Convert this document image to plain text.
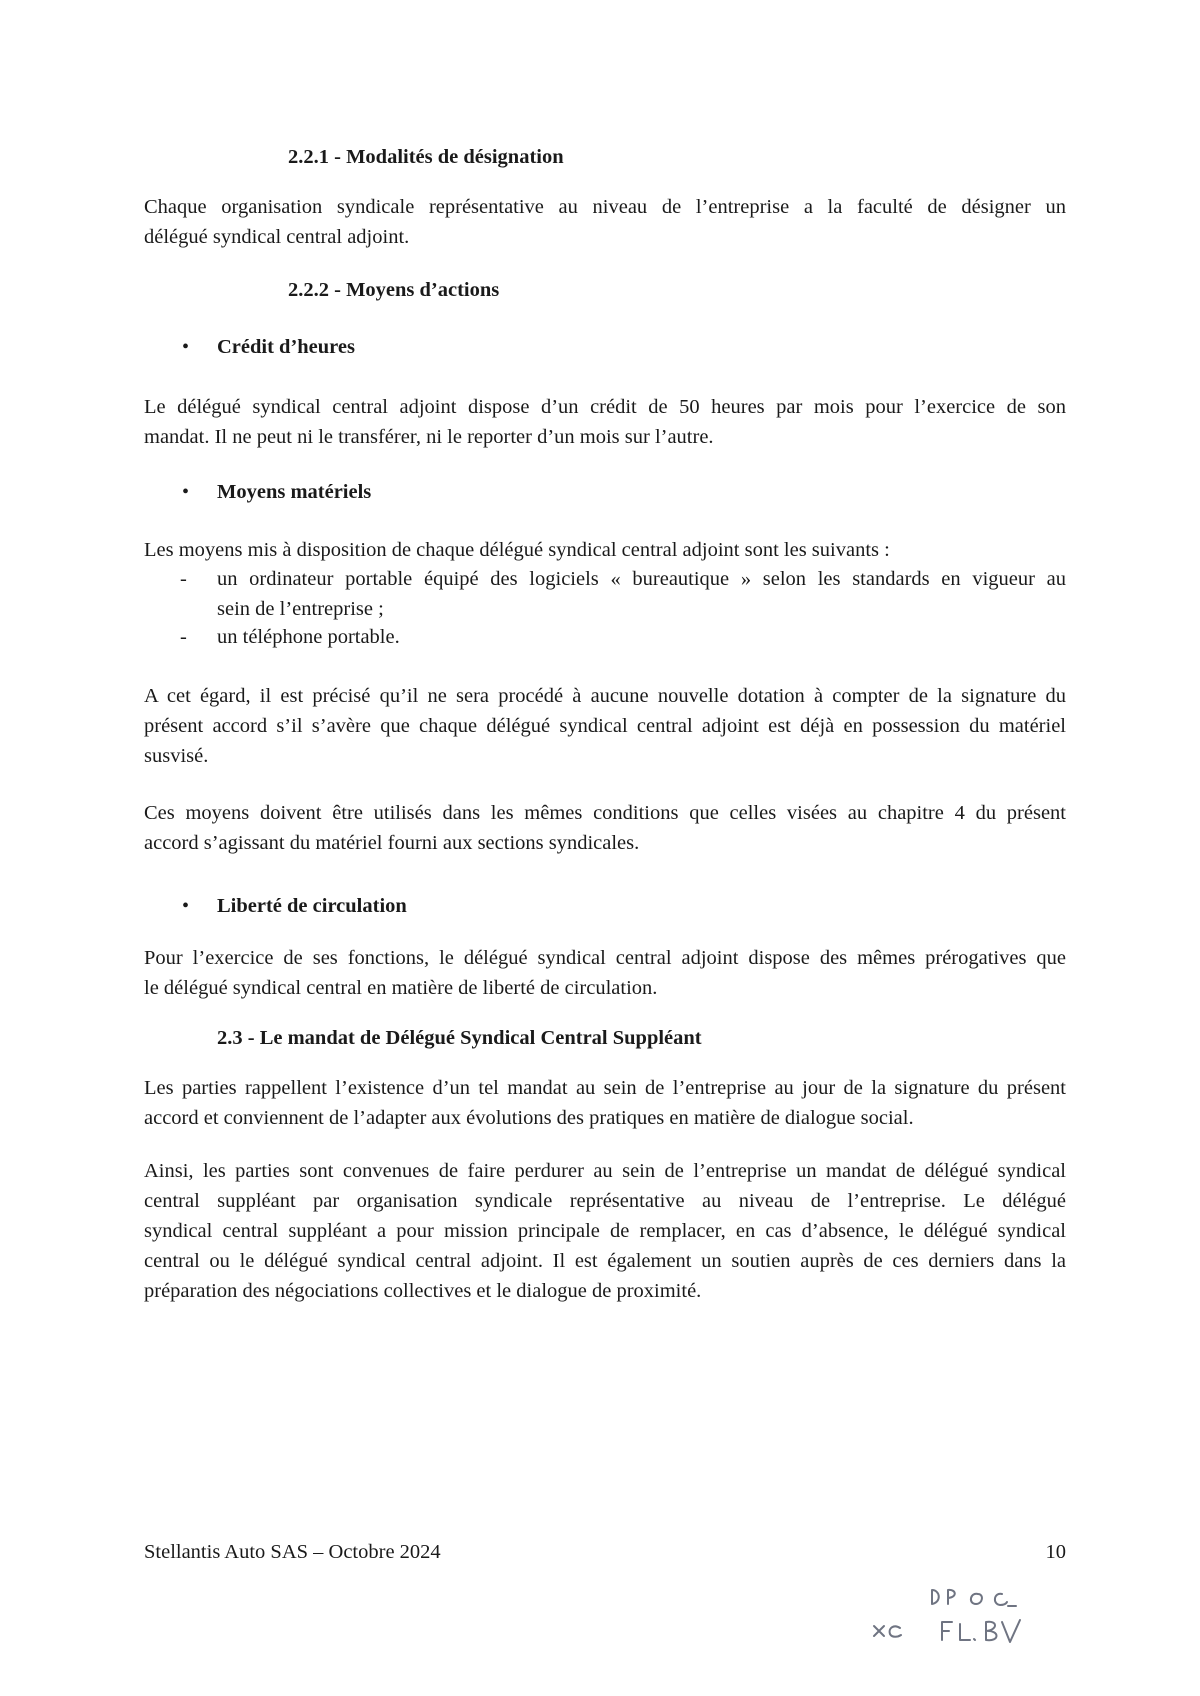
2.2.1 - Modalités de désignation
Chaque organisation syndicale représentative au niveau de l’entreprise a la faculté de désigner un
délégué syndical central adjoint.
2.2.2 - Moyens d’actions
• Crédit d’heures
Le délégué syndical central adjoint dispose d’un crédit de 50 heures par mois pour l’exercice de son
mandat. Il ne peut ni le transférer, ni le reporter d’un mois sur l’autre.
• Moyens matériels
Les moyens mis à disposition de chaque délégué syndical central adjoint sont les suivants :
- un ordinateur portable équipé des logiciels « bureautique » selon les standards en vigueur au
sein de l’entreprise ;
- un téléphone portable.
A cet égard, il est précisé qu’il ne sera procédé à aucune nouvelle dotation à compter de la signature du
présent accord s’il s’avère que chaque délégué syndical central adjoint est déjà en possession du matériel
susvisé.
Ces moyens doivent être utilisés dans les mêmes conditions que celles visées au chapitre 4 du présent
accord s’agissant du matériel fourni aux sections syndicales.
• Liberté de circulation
Pour l’exercice de ses fonctions, le délégué syndical central adjoint dispose des mêmes prérogatives que
le délégué syndical central en matière de liberté de circulation.
2.3 - Le mandat de Délégué Syndical Central Suppléant
Les parties rappellent l’existence d’un tel mandat au sein de l’entreprise au jour de la signature du présent
accord et conviennent de l’adapter aux évolutions des pratiques en matière de dialogue social.
Ainsi, les parties sont convenues de faire perdurer au sein de l’entreprise un mandat de délégué syndical
central suppléant par organisation syndicale représentative au niveau de l’entreprise. Le délégué
syndical central suppléant a pour mission principale de remplacer, en cas d’absence, le délégué syndical
central ou le délégué syndical central adjoint. Il est également un soutien auprès de ces derniers dans la
préparation des négociations collectives et le dialogue de proximité.
Stellantis Auto SAS – Octobre 2024	10
